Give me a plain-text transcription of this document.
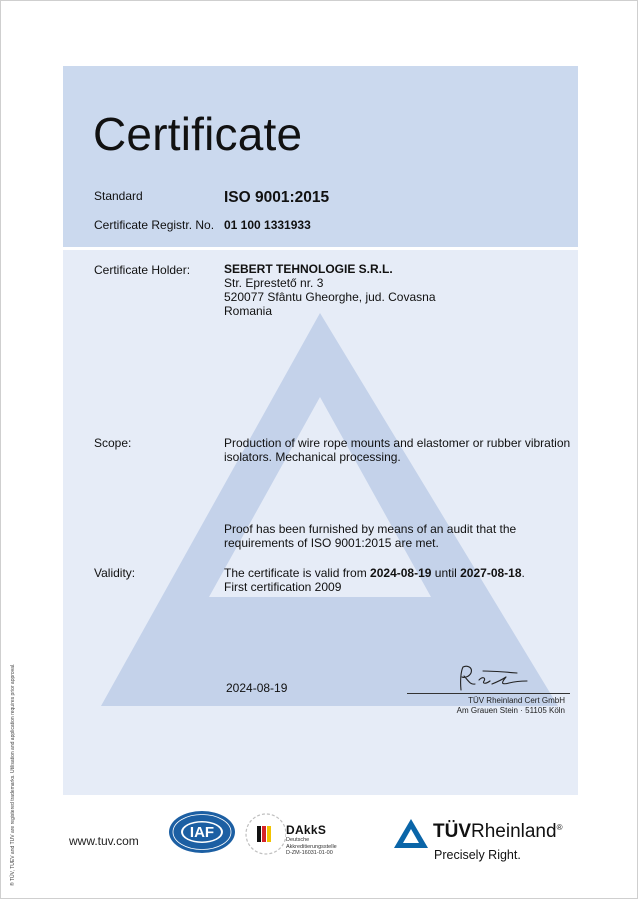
Certificate
Standard	ISO 9001:2015
Certificate Registr. No. 01 100 1331933
Certificate Holder:	SEBERT TEHNOLOGIE S.R.L.
Str. Eprestető nr. 3
520077 Sfântu Gheorghe, jud. Covasna
Romania
Scope:	Production of wire rope mounts and elastomer or rubber vibration
isolators. Mechanical processing.
Proof has been furnished by means of an audit that the
requirements of ISO 9001:2015 are met.
Validity:	The certificate is valid from 2024-08-19 until 2027-08-18.
First certification 2009
2024-08-19
TÜV Rheinland Cert GmbH
Am Grauen Stein · 51105 Köln
® TÜV, TUEV and TUV are registered trademarks. Utilisation and application requires prior approval.	www.tuv.com	IAF	DAkkS
Deutsche
Akkreditierungsstelle
D-ZM-16031-01-00
TÜVRheinland®
Precisely Right.
